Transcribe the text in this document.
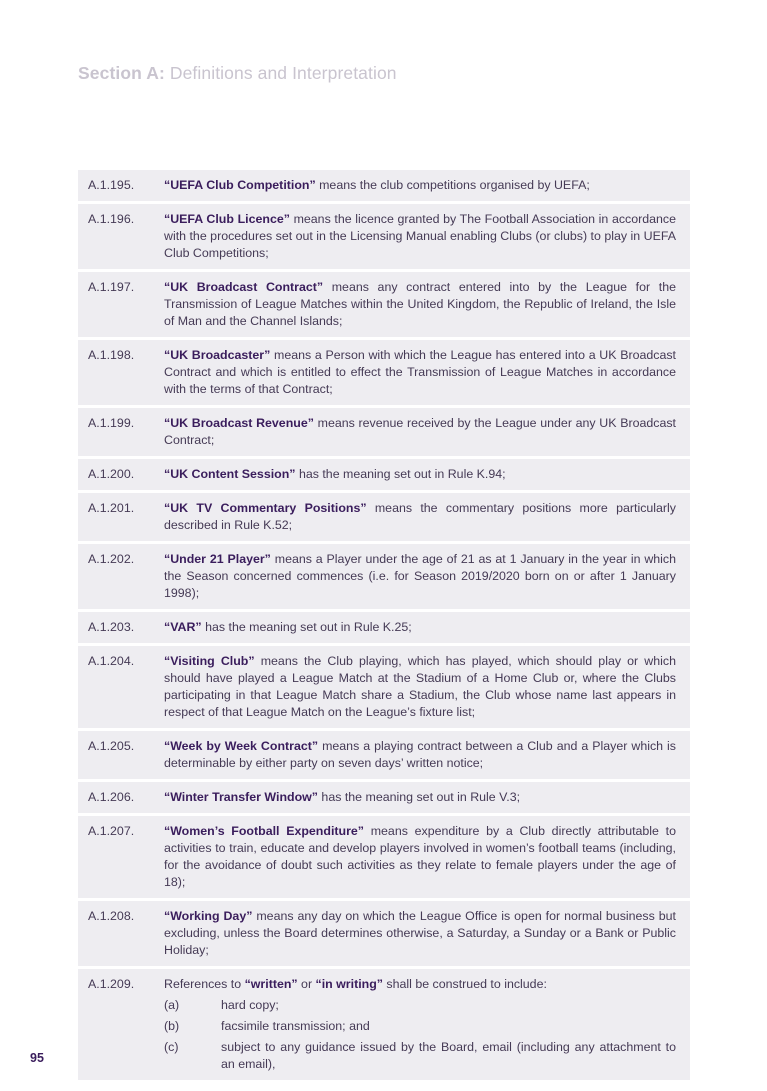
Section A: Definitions and Interpretation
A.1.195.	“UEFA Club Competition” means the club competitions organised by UEFA;
A.1.196.	“UEFA Club Licence” means the licence granted by The Football Association in accordance with the procedures set out in the Licensing Manual enabling Clubs (or clubs) to play in UEFA Club Competitions;
A.1.197.	“UK Broadcast Contract” means any contract entered into by the League for the Transmission of League Matches within the United Kingdom, the Republic of Ireland, the Isle of Man and the Channel Islands;
A.1.198.	“UK Broadcaster” means a Person with which the League has entered into a UK Broadcast Contract and which is entitled to effect the Transmission of League Matches in accordance with the terms of that Contract;
A.1.199.	“UK Broadcast Revenue” means revenue received by the League under any UK Broadcast Contract;
A.1.200.	“UK Content Session” has the meaning set out in Rule K.94;
A.1.201.	“UK TV Commentary Positions” means the commentary positions more particularly described in Rule K.52;
A.1.202.	“Under 21 Player” means a Player under the age of 21 as at 1 January in the year in which the Season concerned commences (i.e. for Season 2019/2020 born on or after 1 January 1998);
A.1.203.	“VAR” has the meaning set out in Rule K.25;
A.1.204.	“Visiting Club” means the Club playing, which has played, which should play or which should have played a League Match at the Stadium of a Home Club or, where the Clubs participating in that League Match share a Stadium, the Club whose name last appears in respect of that League Match on the League’s fixture list;
A.1.205.	“Week by Week Contract” means a playing contract between a Club and a Player which is determinable by either party on seven days’ written notice;
A.1.206.	“Winter Transfer Window” has the meaning set out in Rule V.3;
A.1.207.	“Women’s Football Expenditure” means expenditure by a Club directly attributable to activities to train, educate and develop players involved in women’s football teams (including, for the avoidance of doubt such activities as they relate to female players under the age of 18);
A.1.208.	“Working Day” means any day on which the League Office is open for normal business but excluding, unless the Board determines otherwise, a Saturday, a Sunday or a Bank or Public Holiday;
A.1.209.	References to “written” or “in writing” shall be construed to include:
(a)	hard copy;
(b)	facsimile transmission; and
(c)	subject to any guidance issued by the Board, email (including any attachment to an email),
95
